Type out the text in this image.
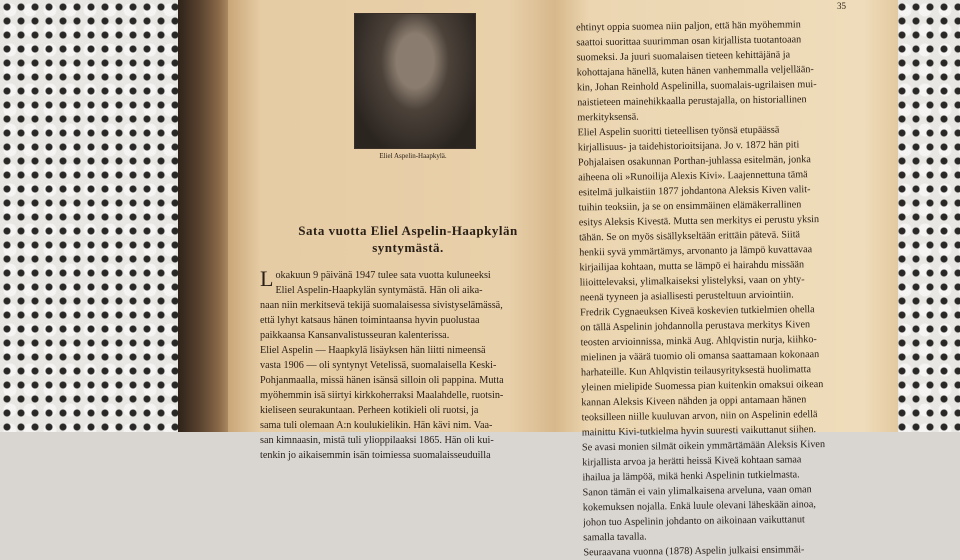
Eliel Aspelin-Haapkylä.
Sata vuotta Eliel Aspelin-Haapkylän
syntymästä.
L okakuun 9 päivänä 1947 tulee sata vuotta kuluneeksi
Eliel Aspelin-Haapkylän syntymästä. Hän oli aika-
naan niin merkitsevä tekijä suomalaisessa sivistyselämässä,
että lyhyt katsaus hänen toimintaansa hyvin puolustaa
paikkaansa Kansanvalistusseuran kalenterissa.
Eliel Aspelin — Haapkylä lisäyksen hän liitti nimeensä
vasta 1906 — oli syntynyt Vetelissä, suomalaisella Keski-
Pohjanmaalla, missä hänen isänsä silloin oli pappina. Mutta
myöhemmin isä siirtyi kirkkoherraksi Maalahdelle, ruotsin-
kieliseen seurakuntaan. Perheen kotikieli oli ruotsi, ja
sama tuli olemaan A:n koulukielikin. Hän kävi nim. Vaa-
san kimnaasin, mistä tuli ylioppilaaksi 1865. Hän oli kui-
tenkin jo aikaisemmin isän toimiessa suomalaisseuduilla
35
ehtinyt oppia suomea niin paljon, että hän myöhemmin
saattoi suorittaa suurimman osan kirjallista tuotantoaan
suomeksi. Ja juuri suomalaisen tieteen kehittäjänä ja
kohottajana hänellä, kuten hänen vanhemmalla veljellään-
kin, Johan Reinhold Aspelinilla, suomalais-ugrilaisen mui-
naistieteen mainehikkaalla perustajalla, on historiallinen
merkityksensä.
Eliel Aspelin suoritti tieteellisen työnsä etupäässä
kirjallisuus- ja taidehistorioitsijana. Jo v. 1872 hän piti
Pohjalaisen osakunnan Porthan-juhlassa esitelmän, jonka
aiheena oli »Runoilija Alexis Kivi». Laajennettuna tämä
esitelmä julkaistiin 1877 johdantona Aleksis Kiven valit-
tuihin teoksiin, ja se on ensimmäinen elämäkerrallinen
esitys Aleksis Kivestä. Mutta sen merkitys ei perustu yksin
tähän. Se on myös sisällykseltään erittäin pätevä. Siitä
henkii syvä ymmärtämys, arvonanto ja lämpö kuvattavaa
kirjailijaa kohtaan, mutta se lämpö ei hairahdu missään
liioittelevaksi, ylimalkaiseksi ylistelyksi, vaan on yhty-
neenä tyyneen ja asiallisesti perusteltuun arviointiin.
Fredrik Cygnaeuksen Kiveä koskevien tutkielmien ohella
on tällä Aspelinin johdannolla perustava merkitys Kiven
teosten arvioinnissa, minkä Aug. Ahlqvistin nurja, kiihko-
mielinen ja väärä tuomio oli omansa saattamaan kokonaan
harhateille. Kun Ahlqvistin teilausyrityksestä huolimatta
yleinen mielipide Suomessa pian kuitenkin omaksui oikean
kannan Aleksis Kiveen nähden ja oppi antamaan hänen
teoksilleen niille kuuluvan arvon, niin on Aspelinin edellä
mainittu Kivi-tutkielma hyvin suuresti vaikuttanut siihen.
Se avasi monien silmät oikein ymmärtämään Aleksis Kiven
kirjallista arvoa ja herätti heissä Kiveä kohtaan samaa
ihailua ja lämpöä, mikä henki Aspelinin tutkielmasta.
Sanon tämän ei vain ylimalkaisena arveluna, vaan oman
kokemuksen nojalla. Enkä luule olevani läheskään ainoa,
johon tuo Aspelinin johdanto on aikoinaan vaikuttanut
samalla tavalla.
Seuraavana vuonna (1878) Aspelin julkaisi ensimmäi-
